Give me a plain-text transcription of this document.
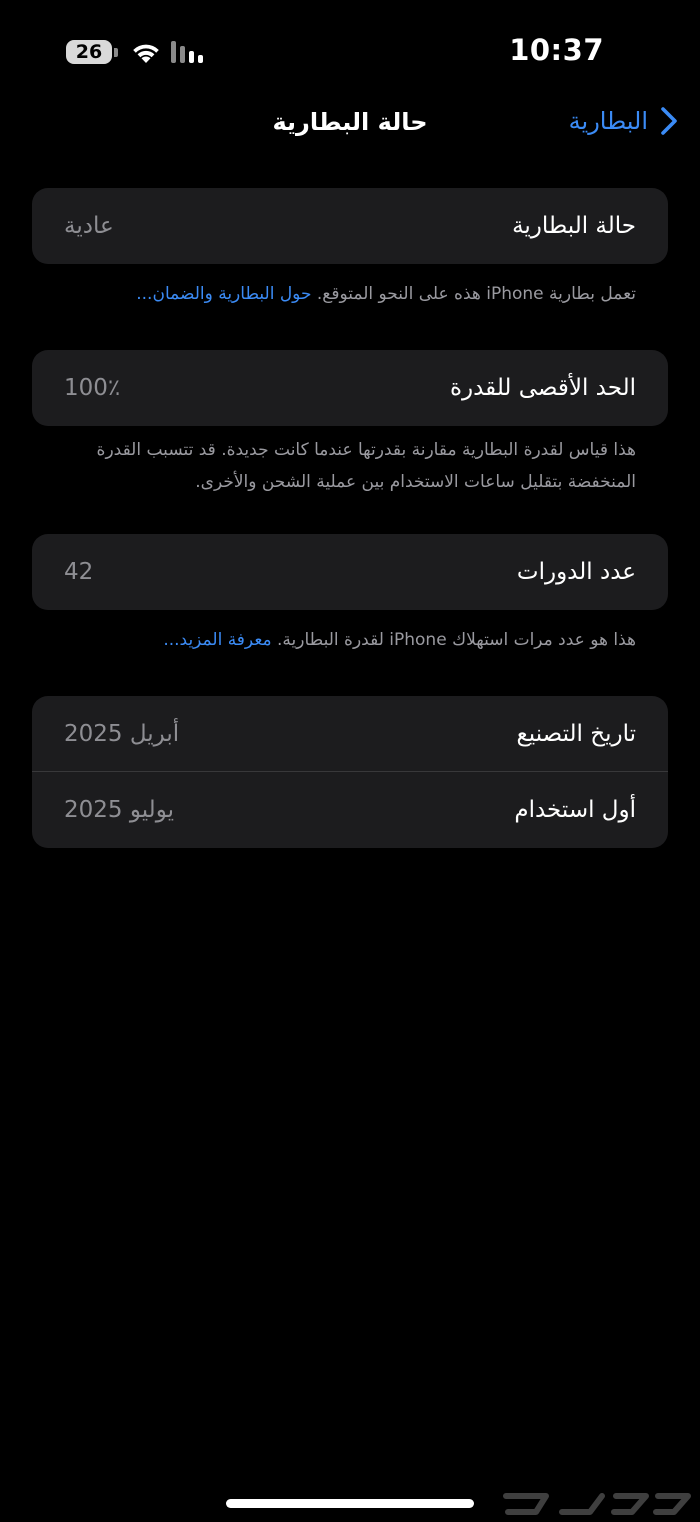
26	10:37
حالة البطارية	البطارية
حالة البطارية
عادية
تعمل بطارية iPhone هذه على النحو المتوقع. حول البطارية والضمان...
الحد الأقصى للقدرة
100٪
هذا قياس لقدرة البطارية مقارنة بقدرتها عندما كانت جديدة. قد تتسبب القدرة المنخفضة بتقليل ساعات الاستخدام بين عملية الشحن والأخرى.
عدد الدورات
42
هذا هو عدد مرات استهلاك iPhone لقدرة البطارية. معرفة المزيد...
تاريخ التصنيع
أبريل 2025
أول استخدام
يوليو 2025
